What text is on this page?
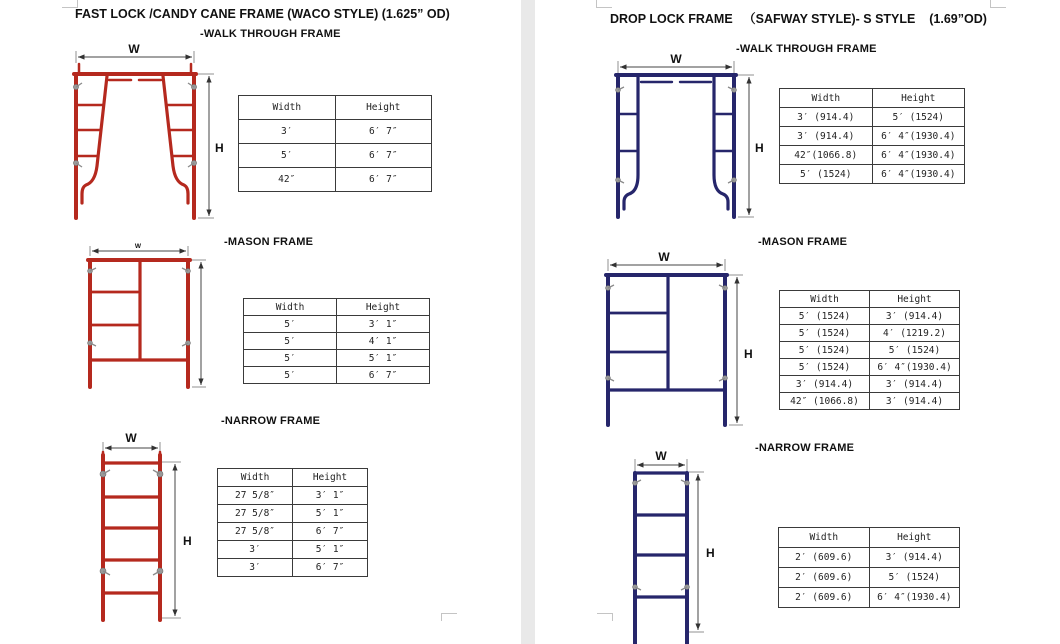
FAST LOCK /CANDY CANE FRAME (WACO STYLE) (1.625” OD)	DROP LOCK FRAME   （SAFWAY STYLE)- S STYLE    (1.69”OD)
-WALK THROUGH FRAME
-MASON FRAME
-NARROW FRAME
-WALK THROUGH FRAME
-MASON FRAME
-NARROW FRAME
W
H
W
H
W
W
H
W
H
W
H
Width	Height
3′	6′ 7″
5′	6′ 7″
42″	6′ 7″
Width	Height
5′	3′ 1″
5′	4′ 1″
5′	5′ 1″
5′	6′ 7″
Width	Height
27 5/8″	3′ 1″
27 5/8″	5′ 1″
27 5/8″	6′ 7″
3′	5′ 1″
3′	6′ 7″
Width	Height
3′ (914.4)	5′ (1524)
3′ (914.4)	6′ 4″(1930.4)
42″(1066.8)	6′ 4″(1930.4)
5′ (1524)	6′ 4″(1930.4)
Width	Height
5′ (1524)	3′ (914.4)
5′ (1524)	4′ (1219.2)
5′ (1524)	5′ (1524)
5′ (1524)	6′ 4″(1930.4)
3′ (914.4)	3′ (914.4)
42″ (1066.8)	3′ (914.4)
Width	Height
2′ (609.6)	3′ (914.4)
2′ (609.6)	5′ (1524)
2′ (609.6)	6′ 4″(1930.4)
